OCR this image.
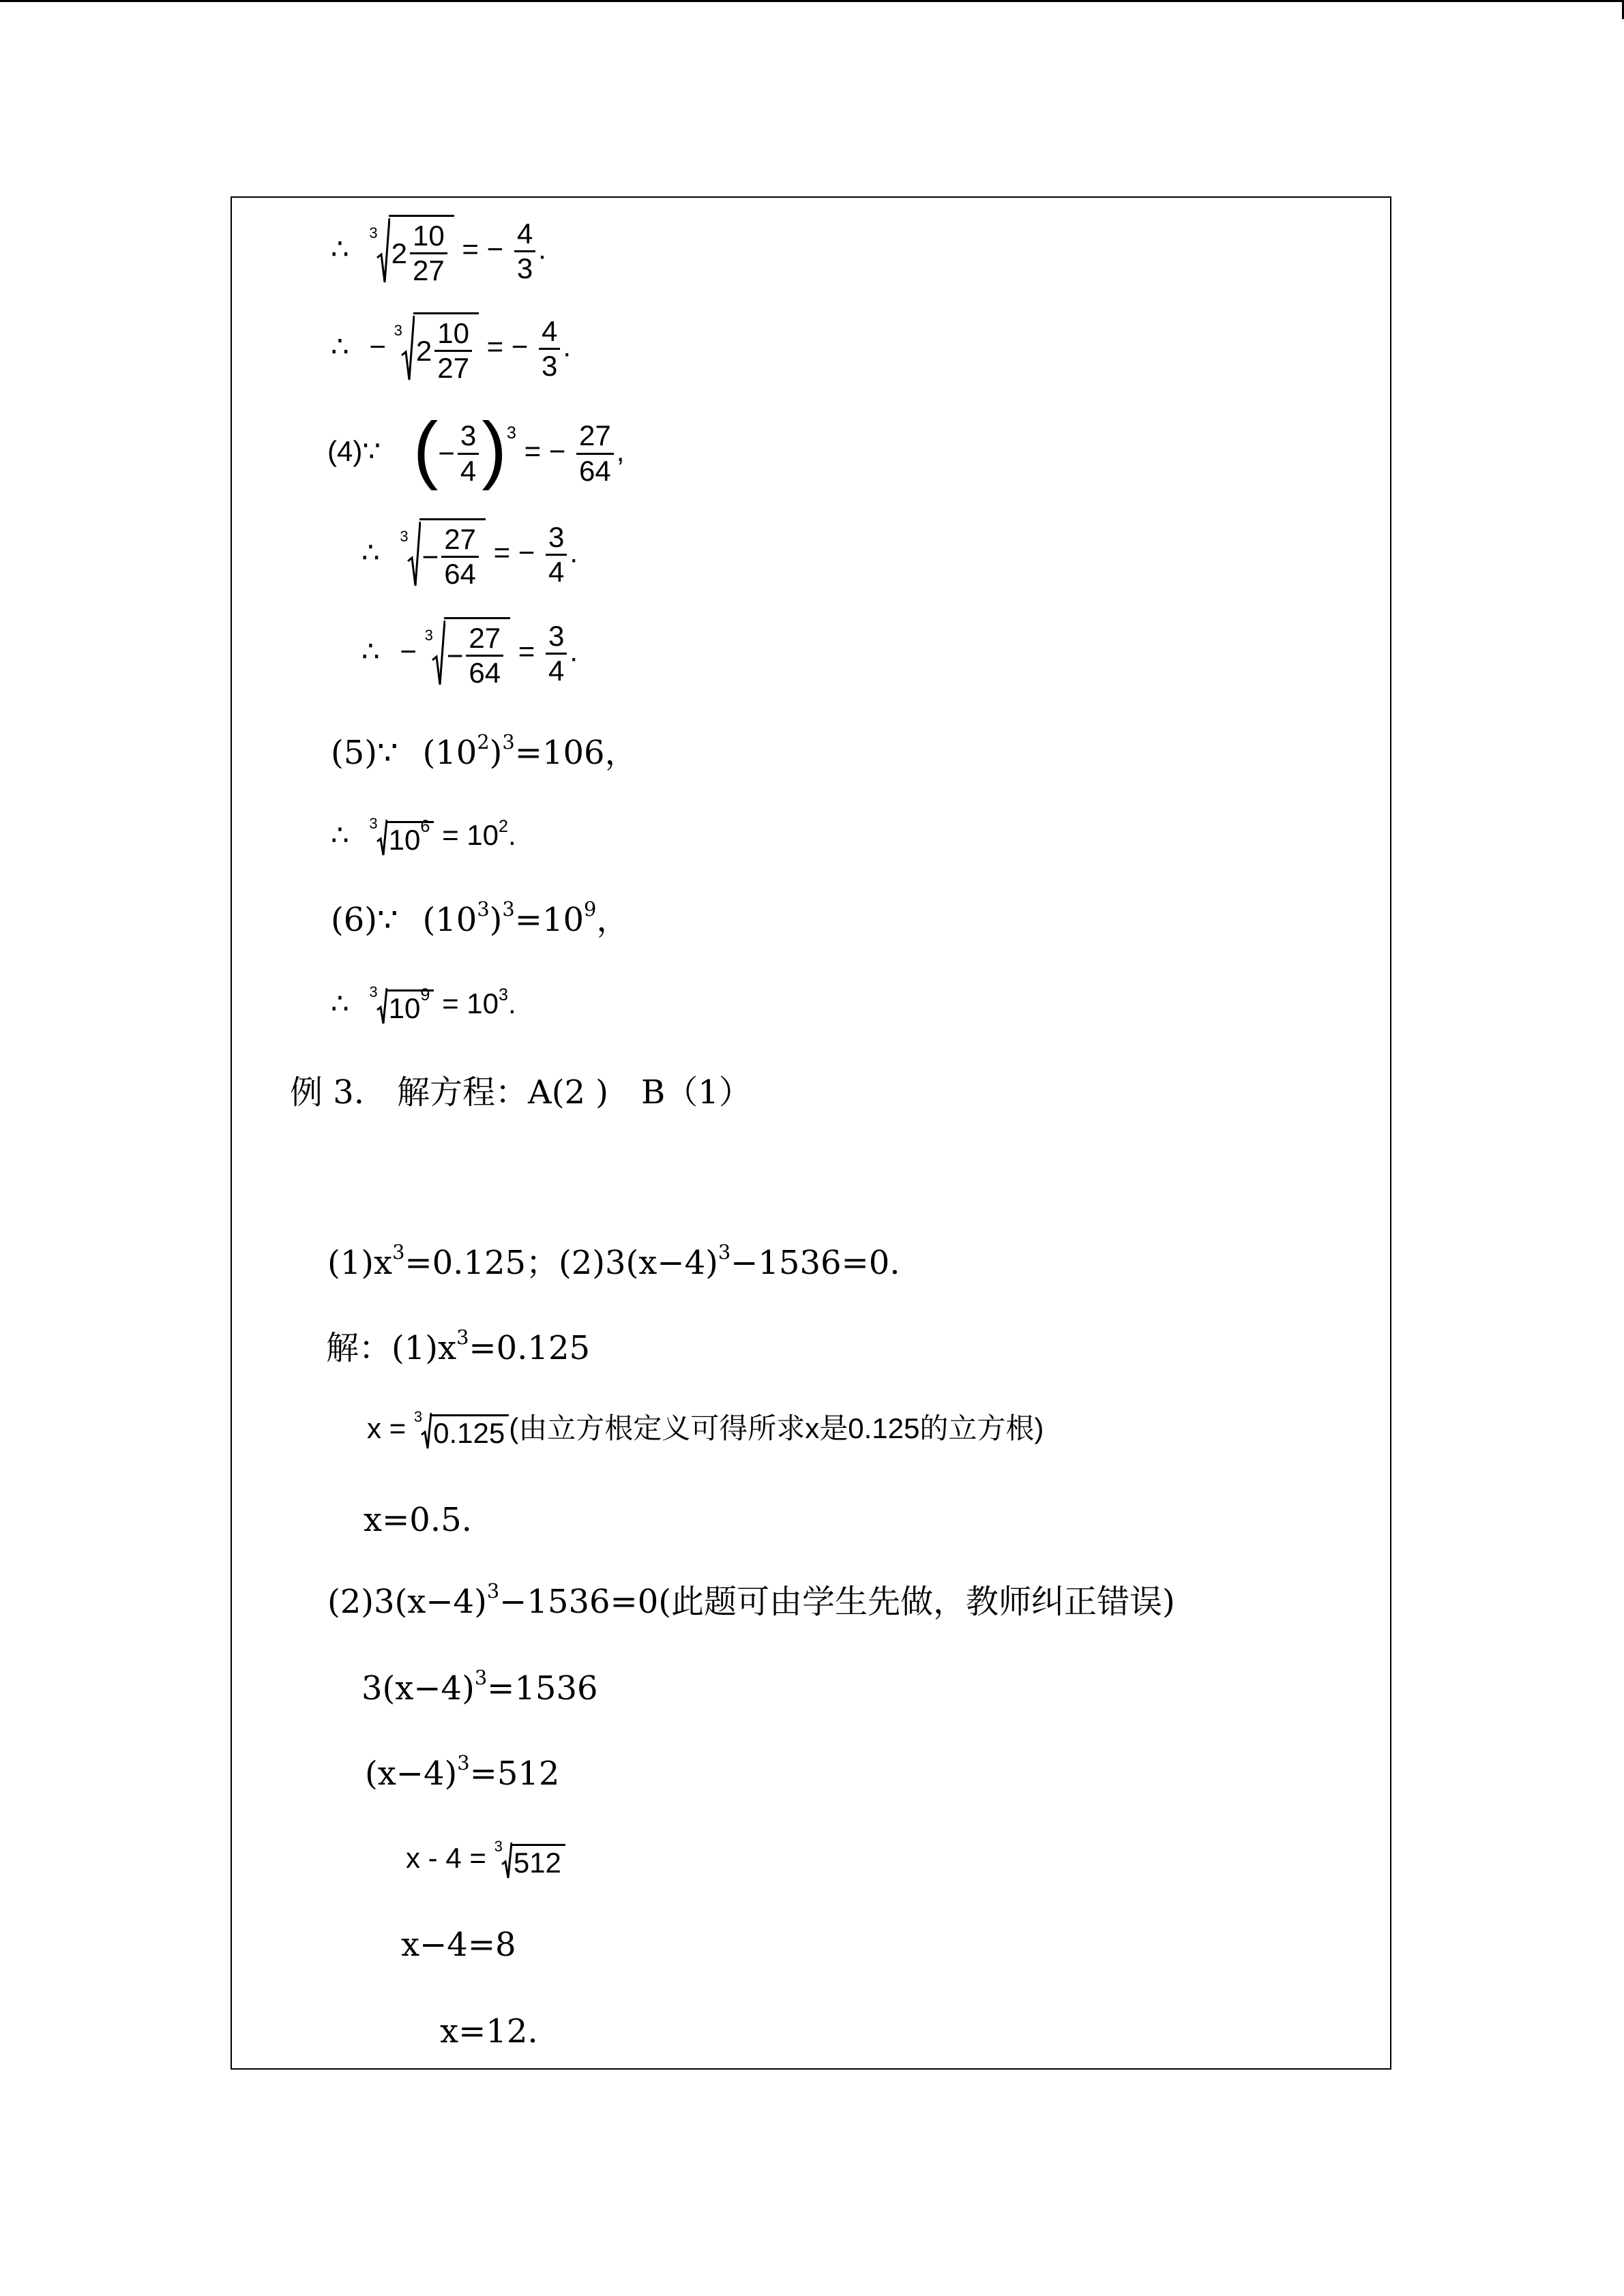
∴ 3
$2 \frac{10}{27}$ = − $\frac{4}{3}$ .
∴ − 3
$2 \frac{10}{27}$ = − $\frac{4}{3}$ .
(4)∵ ( − $\frac{3}{4}$ ) $^3$ = − $\frac{27}{64}$ ,
∴ 3
− $\frac{27}{64}$ = − $\frac{3}{4}$ .
∴ − 3
− $\frac{27}{64} = \frac{3}{4}$ .
(5)∵ $(10^2)^3=106$，
∴ 3 10 $6 = 10^2$.
(6)∵ $(10^3)^3=10^9$，
∴ 3 10 $9 = 10^3$.
例 3.　解方程：A(2 )　B（1）
$(1)x^3=0.125$；$(2)3(x-4)^3-1536=0$.
解：$(1)x^3=0.125$
x = 3 0.125 (由立方根定义可得所求x是0.125的立方根)
x=0.5.
$(2)3(x-4)^3-1536=0$(此题可由学生先做，教师纠正错误)
$3(x-4)^3=1536$
$(x-4)^3=512$
x - 4 = 3 512
x−4=8
x=12.
